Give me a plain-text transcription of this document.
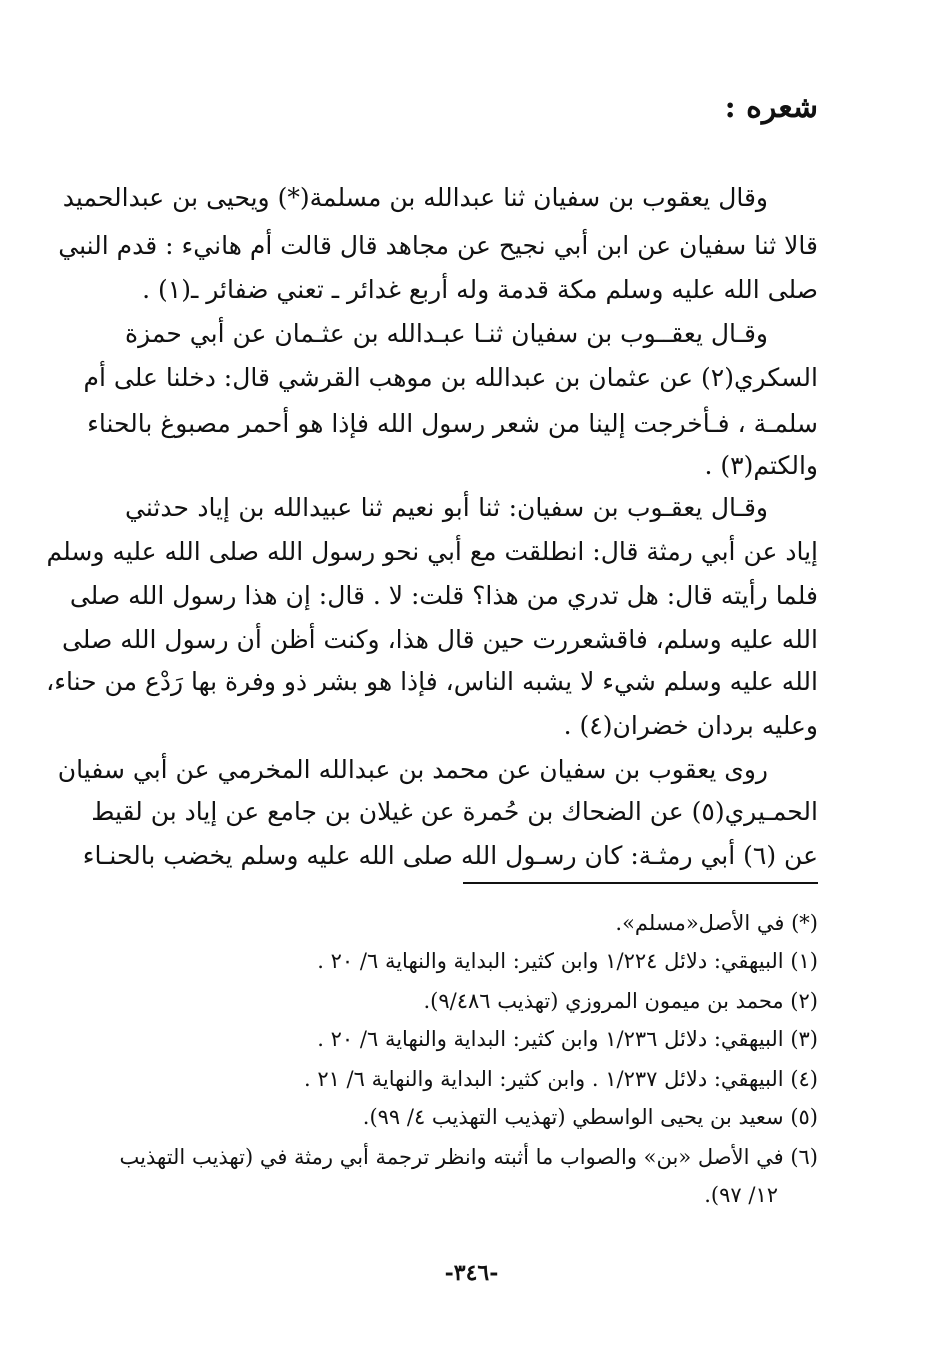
شعره :
وقال يعقوب بن سفيان ثنا عبدالله بن مسلمة(*) ويحيى بن عبدالحميد
قالا ثنا سفيان عن ابن أبي نجيح عن مجاهد قال قالت أم هانيء : قدم النبي
صلى الله عليه وسلم مكة قدمة وله أربع غدائر ـ تعني ضفائر ـ(١) .
وقـال يعقــوب بن سفيان ثنـا عبـدالله بن عثـمان عن أبي حمزة
السكري(٢) عن عثمان بن عبدالله بن موهب القرشي قال: دخلنا على أم
سلمـة ، فـأخرجت إلينا من شعر رسول الله فإذا هو أحمر مصبوغ بالحناء
والكتم(٣) .
وقـال يعقـوب بن سفيان: ثنا أبو نعيم ثنا عبيدالله بن إياد حدثني
إياد عن أبي رمثة قال: انطلقت مع أبي نحو رسول الله صلى الله عليه وسلم
فلما رأيته قال: هل تدري من هذا؟ قلت: لا . قال: إن هذا رسول الله صلى
الله عليه وسلم، فاقشعررت حين قال هذا، وكنت أظن أن رسول الله صلى
الله عليه وسلم شيء لا يشبه الناس، فإذا هو بشر ذو وفرة بها رَدْع من حناء،
وعليه بردان خضران(٤) .
روى يعقوب بن سفيان عن محمد بن عبدالله المخرمي عن أبي سفيان
الحمـيري(٥) عن الضحاك بن حُمرة عن غيلان بن جامع عن إياد بن لقيط
عن (٦) أبي رمثـة: كان رسـول الله صلى الله عليه وسلم يخضب بالحنـاء
(*) في الأصل«مسلم».
(١) البيهقي: دلائل ١/٢٢٤ وابن كثير: البداية والنهاية ٦/ ٢٠ .
(٢) محمد بن ميمون المروزي (تهذيب ٩/٤٨٦).
(٣) البيهقي: دلائل ١/٢٣٦ وابن كثير: البداية والنهاية ٦/ ٢٠ .
(٤) البيهقي: دلائل ١/٢٣٧ . وابن كثير: البداية والنهاية ٦/ ٢١ .
(٥) سعيد بن يحيى الواسطي (تهذيب التهذيب ٤/ ٩٩).
(٦) في الأصل «بن» والصواب ما أثبته وانظر ترجمة أبي رمثة في (تهذيب التهذيب
١٢/ ٩٧).
-٣٤٦-
